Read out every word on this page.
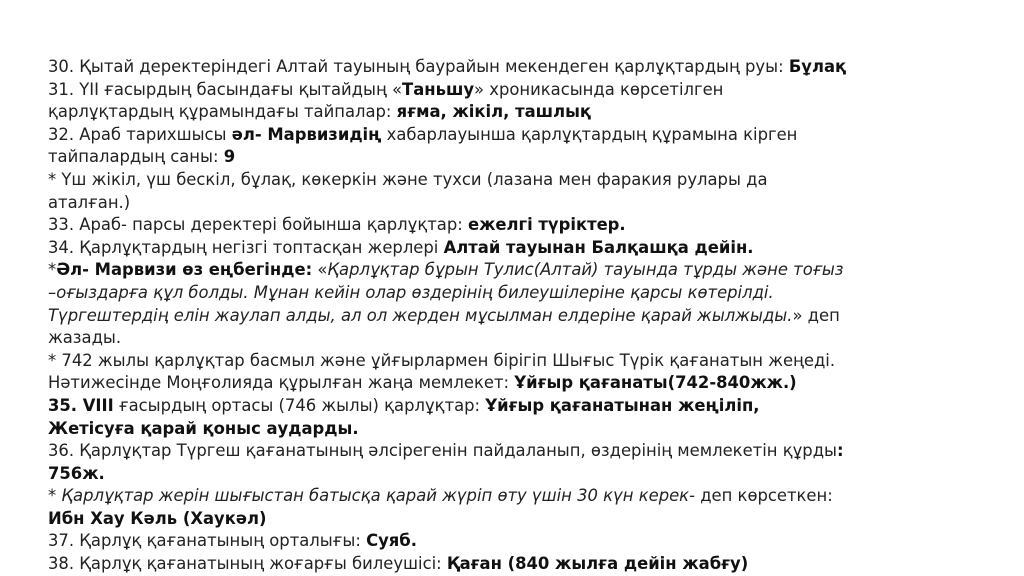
30. Қытай деректеріндегі Алтай тауының баурайын мекендеген қарлұқтардың руы: Бұлақ
31. ҮІІ ғасырдың басындағы қытайдың «Таньшу» хроникасында көрсетілген
қарлұқтардың құрамындағы тайпалар: яғма, жікіл, ташлық
32. Араб тарихшысы әл- Марвизидің хабарлауынша қарлұқтардың құрамына кірген
тайпалардың саны: 9
* Үш жікіл, үш бескіл, бұлақ, көкеркін және тухси (лазана мен фаракия рулары да
аталған.)
33. Араб- парсы деректері бойынша қарлұқтар: ежелгі түріктер.
34. Қарлұқтардың негізгі топтасқан жерлері Алтай тауынан Балқашқа дейін.
*Әл- Марвизи өз еңбегінде: «Қарлұқтар бұрын Тулис(Алтай) тауында тұрды және тоғыз
–оғыздарға құл болды. Мұнан кейін олар өздерінің билеушілеріне қарсы көтерілді.
Түргештердің елін жаулап алды, ал ол жерден мұсылман елдеріне қарай жылжыды.» деп
жазады.
* 742 жылы қарлұқтар басмыл және ұйғырлармен бірігіп Шығыс Түрік қағанатын жеңеді.
Нәтижесінде Моңғолияда құрылған жаңа мемлекет: Ұйғыр қағанаты(742-840жж.)
35. VIII ғасырдың ортасы (746 жылы) қарлұқтар: Ұйғыр қағанатынан жеңіліп,
Жетісуға қарай қоныс аударды.
36. Қарлұқтар Түргеш қағанатының әлсірегенін пайдаланып, өздерінің мемлекетін құрды:
756ж.
* Қарлұқтар жерін шығыстан батысқа қарай жүріп өту үшін 30 күн керек- деп көрсеткен:
Ибн Хау Кәль (Хаукәл)
37. Қарлұқ қағанатының орталығы: Суяб.
38. Қарлұқ қағанатының жоғарғы билеушісі: Қаған (840 жылға дейін жабғу)
